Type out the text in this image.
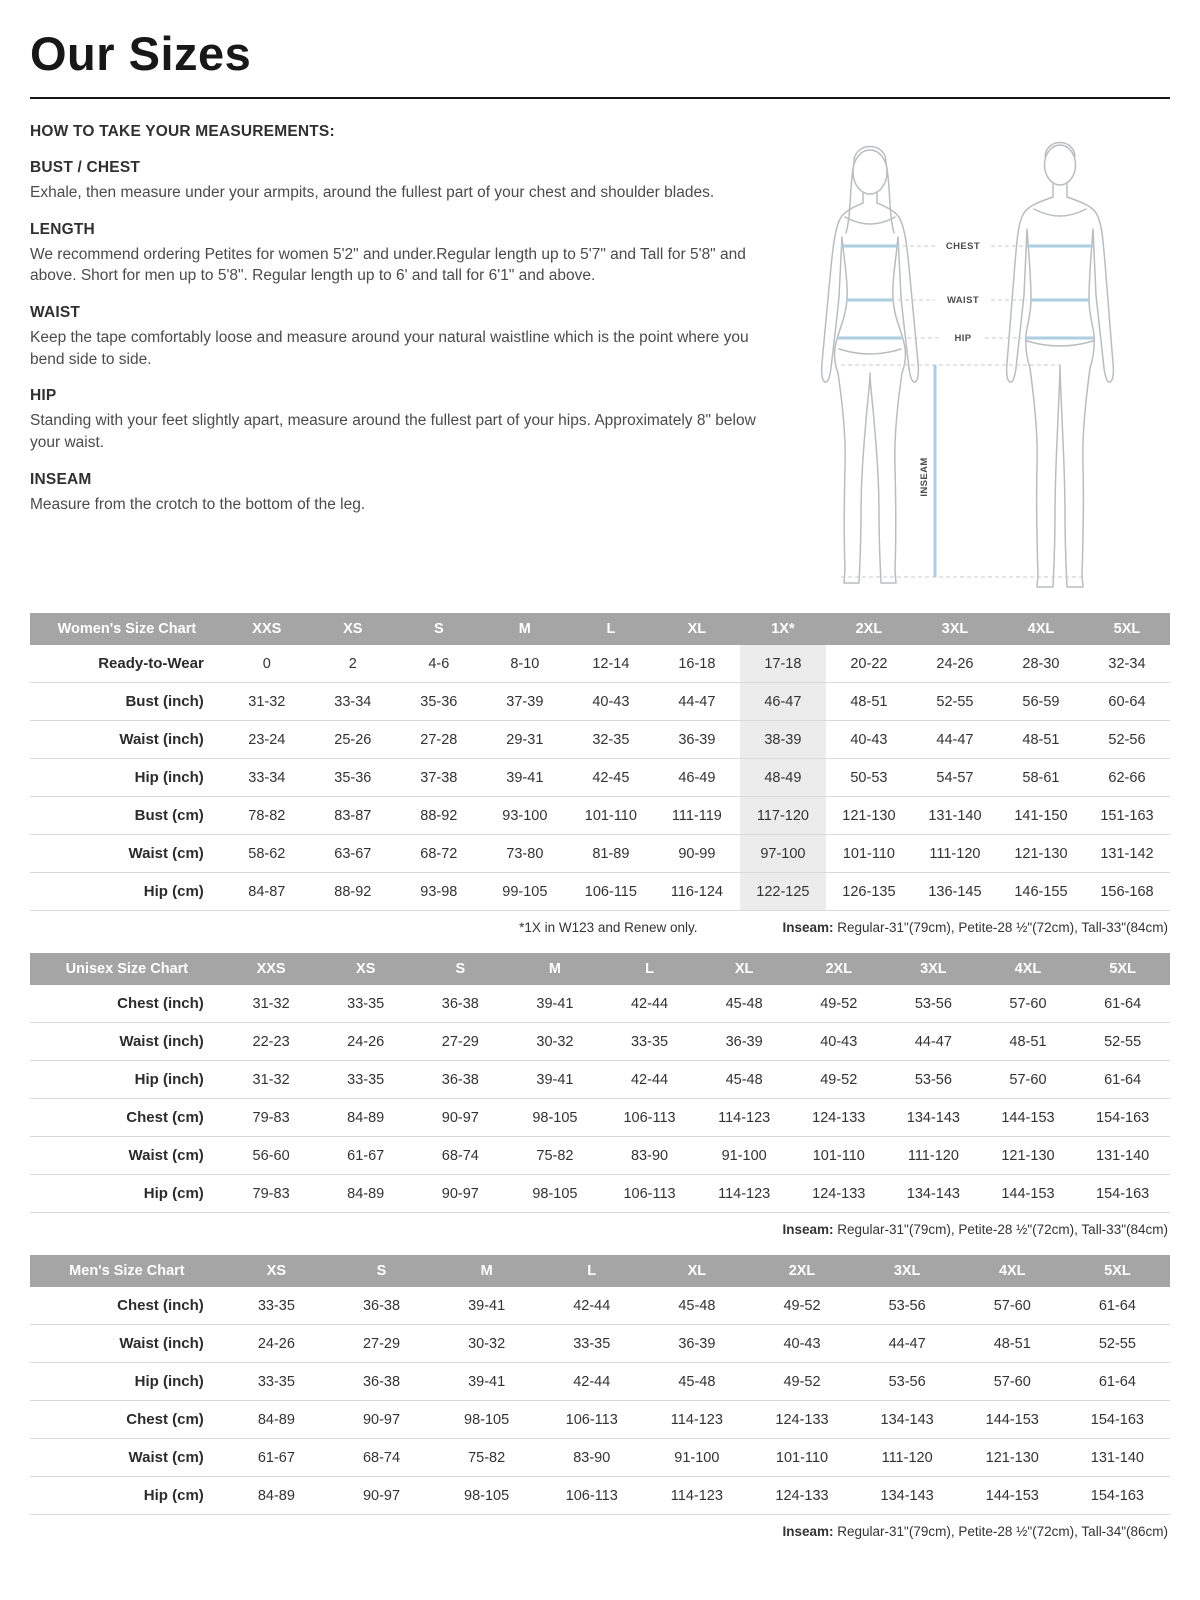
Our Sizes
HOW TO TAKE YOUR MEASUREMENTS:
BUST / CHEST
Exhale, then measure under your armpits, around the fullest part of your chest and shoulder blades.
LENGTH
We recommend ordering Petites for women 5'2" and under.Regular length up to 5'7" and Tall for 5'8" and above. Short for men up to 5'8". Regular length up to 6' and tall for 6'1" and above.
WAIST
Keep the tape comfortably loose and measure around your natural waistline which is the point where you bend side to side.
HIP
Standing with your feet slightly apart, measure around the fullest part of your hips. Approximately 8" below your waist.
INSEAM
Measure from the crotch to the bottom of the leg.
CHEST
WAIST
HIP
INSEAM
Women's Size Chart	XXS	XS	S	M	L	XL	1X*	2XL	3XL	4XL	5XL
Ready-to-Wear	0	2	4-6	8-10	12-14	16-18	17-18	20-22	24-26	28-30	32-34
Bust (inch)	31-32	33-34	35-36	37-39	40-43	44-47	46-47	48-51	52-55	56-59	60-64
Waist (inch)	23-24	25-26	27-28	29-31	32-35	36-39	38-39	40-43	44-47	48-51	52-56
Hip (inch)	33-34	35-36	37-38	39-41	42-45	46-49	48-49	50-53	54-57	58-61	62-66
Bust (cm)	78-82	83-87	88-92	93-100	101-110	111-119	117-120	121-130	131-140	141-150	151-163
Waist (cm)	58-62	63-67	68-72	73-80	81-89	90-99	97-100	101-110	111-120	121-130	131-142
Hip (cm)	84-87	88-92	93-98	99-105	106-115	116-124	122-125	126-135	136-145	146-155	156-168
*1X in W123 and Renew only.	Inseam: Regular-31"(79cm), Petite-28 ½"(72cm), Tall-33"(84cm)
Unisex Size Chart	XXS	XS	S	M	L	XL	2XL	3XL	4XL	5XL
Chest (inch)	31-32	33-35	36-38	39-41	42-44	45-48	49-52	53-56	57-60	61-64
Waist (inch)	22-23	24-26	27-29	30-32	33-35	36-39	40-43	44-47	48-51	52-55
Hip (inch)	31-32	33-35	36-38	39-41	42-44	45-48	49-52	53-56	57-60	61-64
Chest (cm)	79-83	84-89	90-97	98-105	106-113	114-123	124-133	134-143	144-153	154-163
Waist (cm)	56-60	61-67	68-74	75-82	83-90	91-100	101-110	111-120	121-130	131-140
Hip (cm)	79-83	84-89	90-97	98-105	106-113	114-123	124-133	134-143	144-153	154-163
Inseam: Regular-31"(79cm), Petite-28 ½"(72cm), Tall-33"(84cm)
Men's Size Chart	XS	S	M	L	XL	2XL	3XL	4XL	5XL
Chest (inch)	33-35	36-38	39-41	42-44	45-48	49-52	53-56	57-60	61-64
Waist (inch)	24-26	27-29	30-32	33-35	36-39	40-43	44-47	48-51	52-55
Hip (inch)	33-35	36-38	39-41	42-44	45-48	49-52	53-56	57-60	61-64
Chest (cm)	84-89	90-97	98-105	106-113	114-123	124-133	134-143	144-153	154-163
Waist (cm)	61-67	68-74	75-82	83-90	91-100	101-110	111-120	121-130	131-140
Hip (cm)	84-89	90-97	98-105	106-113	114-123	124-133	134-143	144-153	154-163
Inseam: Regular-31"(79cm), Petite-28 ½"(72cm), Tall-34"(86cm)
